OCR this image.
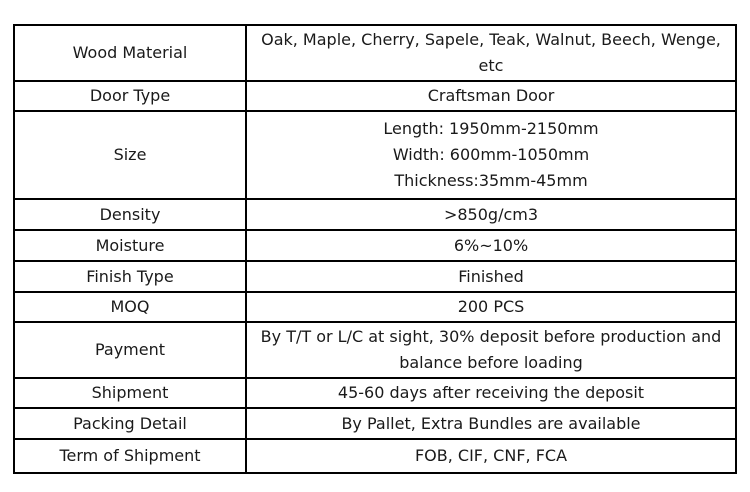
Wood Material	Oak, Maple, Cherry, Sapele, Teak, Walnut, Beech, Wenge,
etc

Door Type	Craftsman Door
Size	Length: 1950mm-2150mm
Width: 600mm-1050mm
Thickness:35mm-45mm

Density	>850g/cm3
Moisture	6%~10%
Finish Type	Finished
MOQ	200 PCS
Payment	By T/T or L/C at sight, 30% deposit before production and
balance before loading

Shipment	45-60 days after receiving the deposit
Packing Detail	By Pallet, Extra Bundles are available
Term of Shipment	FOB, CIF, CNF, FCA
